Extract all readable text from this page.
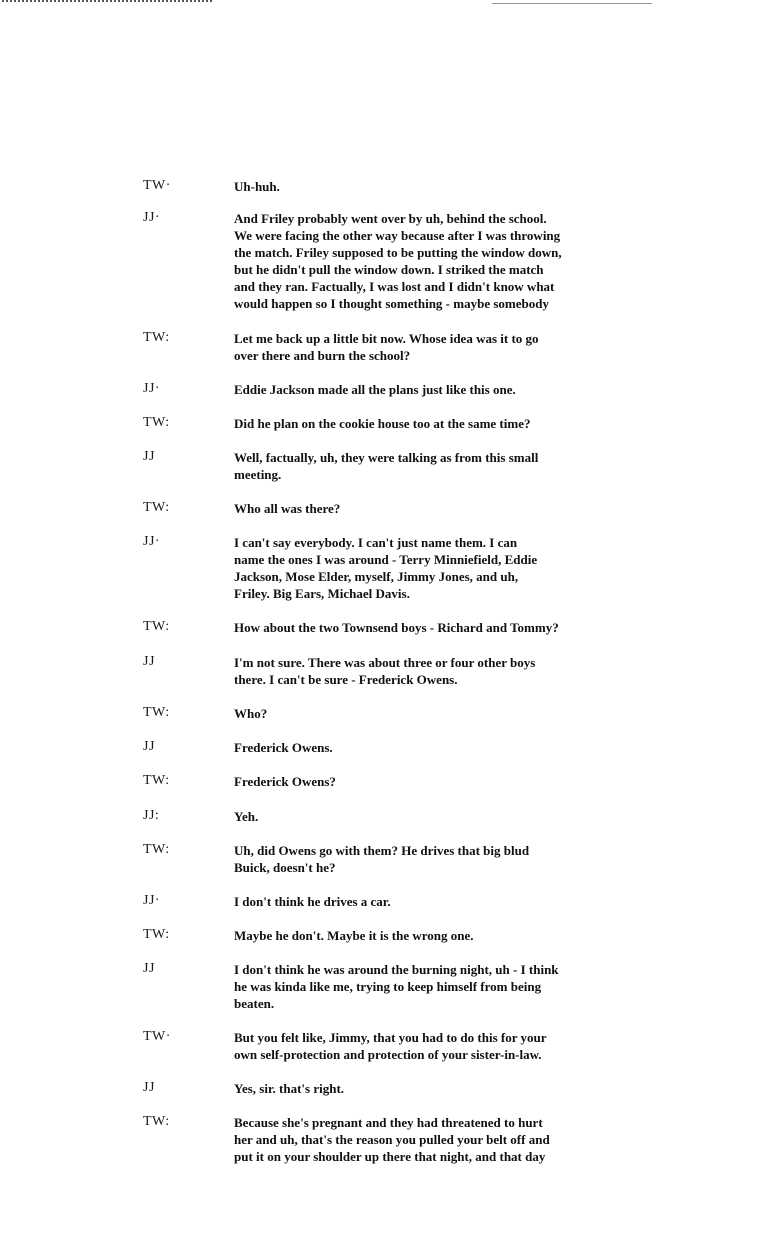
TW·	Uh-huh.
JJ·	And Friley probably went over by uh, behind the school.
We were facing the other way because after I was throwing
the match. Friley supposed to be putting the window down,
but he didn't pull the window down. I striked the match
and they ran. Factually, I was lost and I didn't know what
would happen so I thought something - maybe somebody
TW:	Let me back up a little bit now. Whose idea was it to go
over there and burn the school?
JJ·	Eddie Jackson made all the plans just like this one.
TW:	Did he plan on the cookie house too at the same time?
JJ	Well, factually, uh, they were talking as from this small
meeting.
TW:	Who all was there?
JJ·	I can't say everybody. I can't just name them. I can
name the ones I was around - Terry Minniefield, Eddie
Jackson, Mose Elder, myself, Jimmy Jones, and uh,
Friley. Big Ears, Michael Davis.
TW:	How about the two Townsend boys - Richard and Tommy?
JJ	I'm not sure. There was about three or four other boys
there. I can't be sure - Frederick Owens.
TW:	Who?
JJ	Frederick Owens.
TW:	Frederick Owens?
JJ:	Yeh.
TW:	Uh, did Owens go with them? He drives that big blud
Buick, doesn't he?
JJ·	I don't think he drives a car.
TW:	Maybe he don't. Maybe it is the wrong one.
JJ	I don't think he was around the burning night, uh - I think
he was kinda like me, trying to keep himself from being
beaten.
TW·	But you felt like, Jimmy, that you had to do this for your
own self-protection and protection of your sister-in-law.
JJ	Yes, sir. that's right.
TW:	Because she's pregnant and they had threatened to hurt
her and uh, that's the reason you pulled your belt off and
put it on your shoulder up there that night, and that day
